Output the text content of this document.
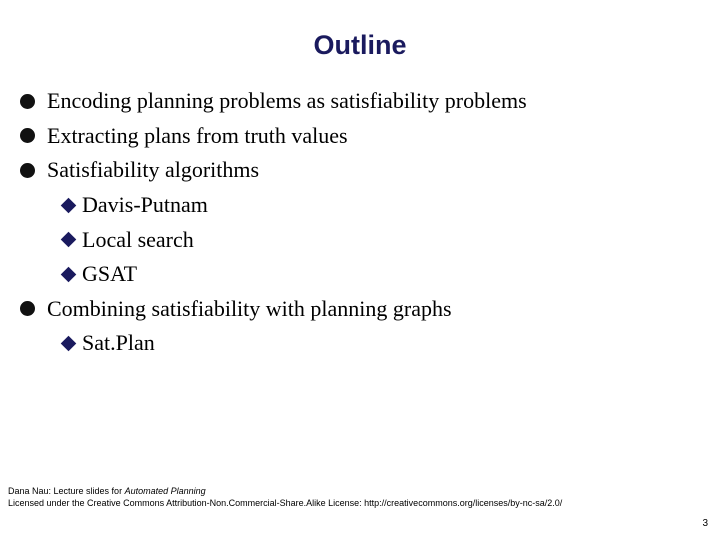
Outline
Encoding planning problems as satisfiability problems
Extracting plans from truth values
Satisfiability algorithms
Davis-Putnam
Local search
GSAT
Combining satisfiability with planning graphs
Sat.Plan
Dana Nau: Lecture slides for Automated Planning
Licensed under the Creative Commons Attribution-Non.Commercial-Share.Alike License: http://creativecommons.org/licenses/by-nc-sa/2.0/
3
